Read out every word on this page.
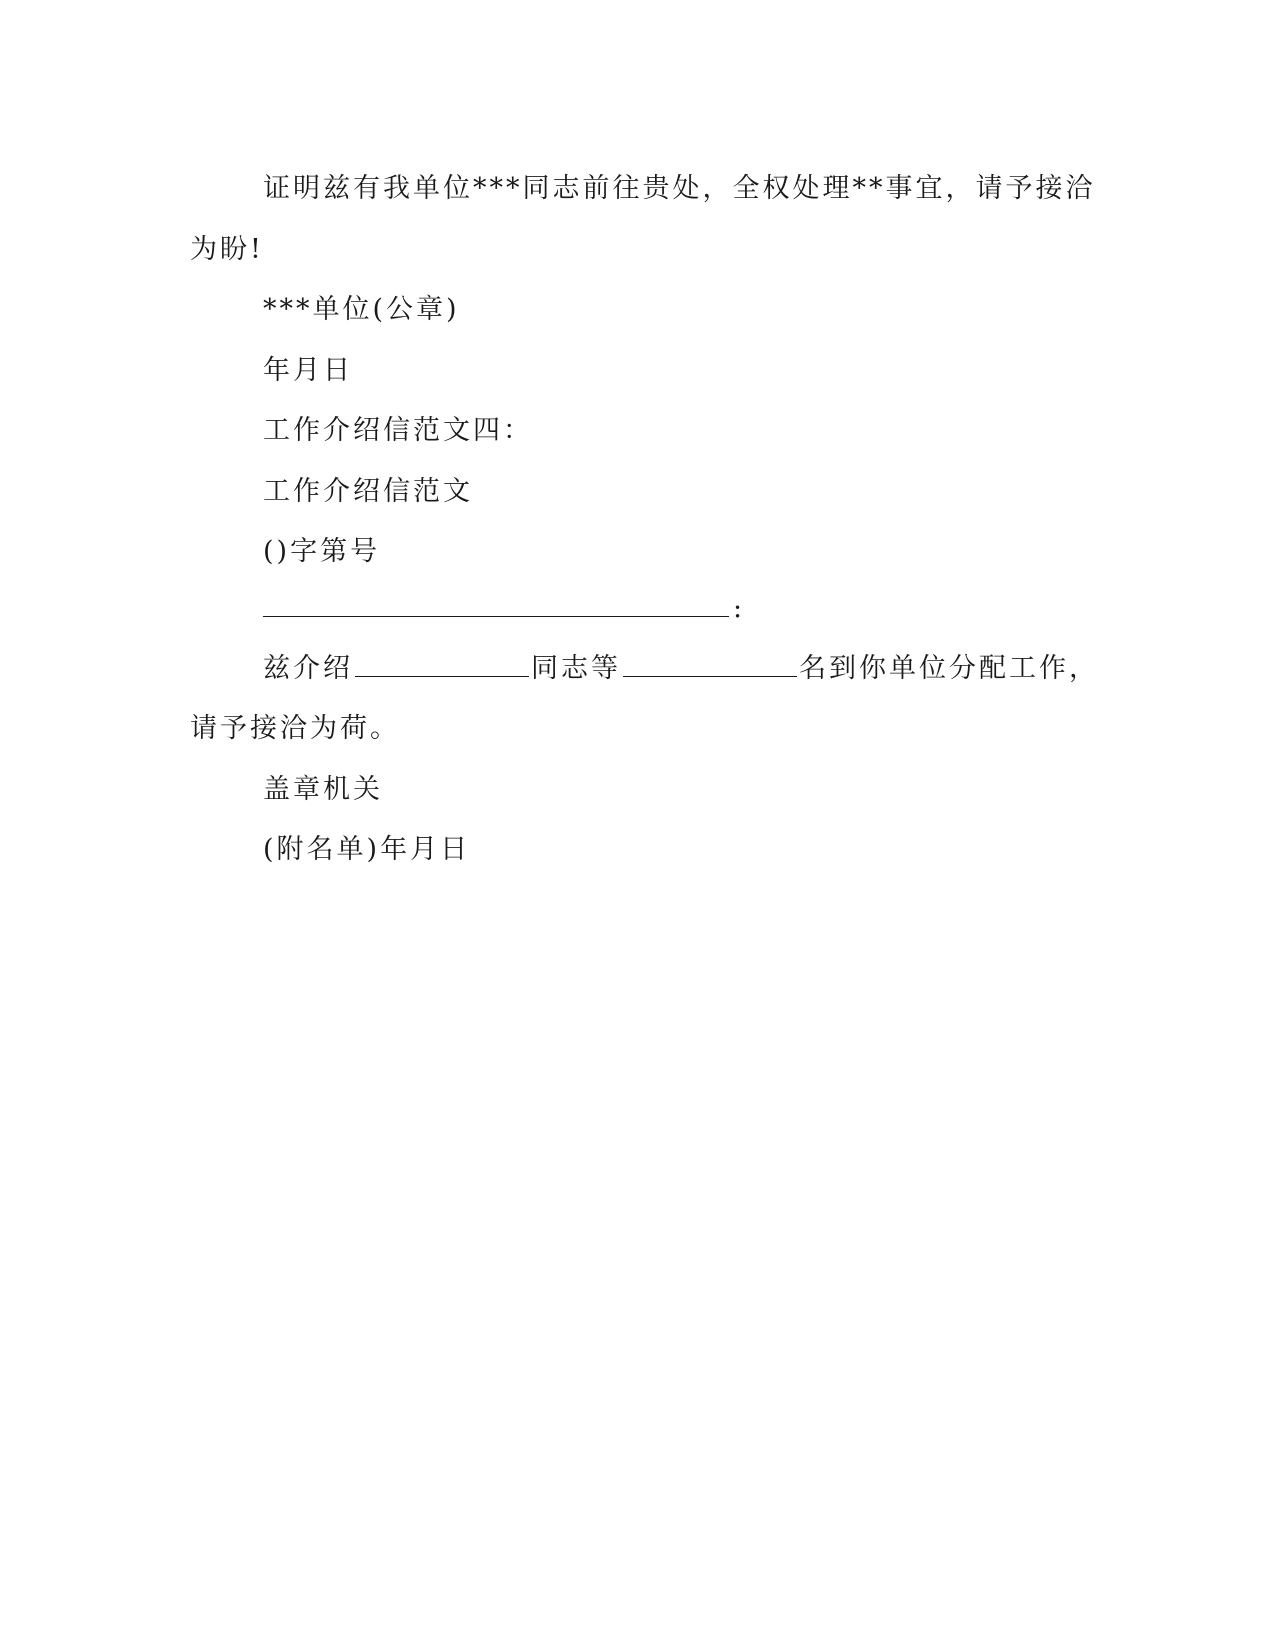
证明兹有我单位***同志前往贵处，全权处理**事宜，请予接洽
为盼!
***单位(公章)
年月日
工作介绍信范文四：
工作介绍信范文
()字第号
:
兹介绍	同志等	名到你单位分配工作，
请予接洽为荷。
盖章机关
(附名单)年月日
